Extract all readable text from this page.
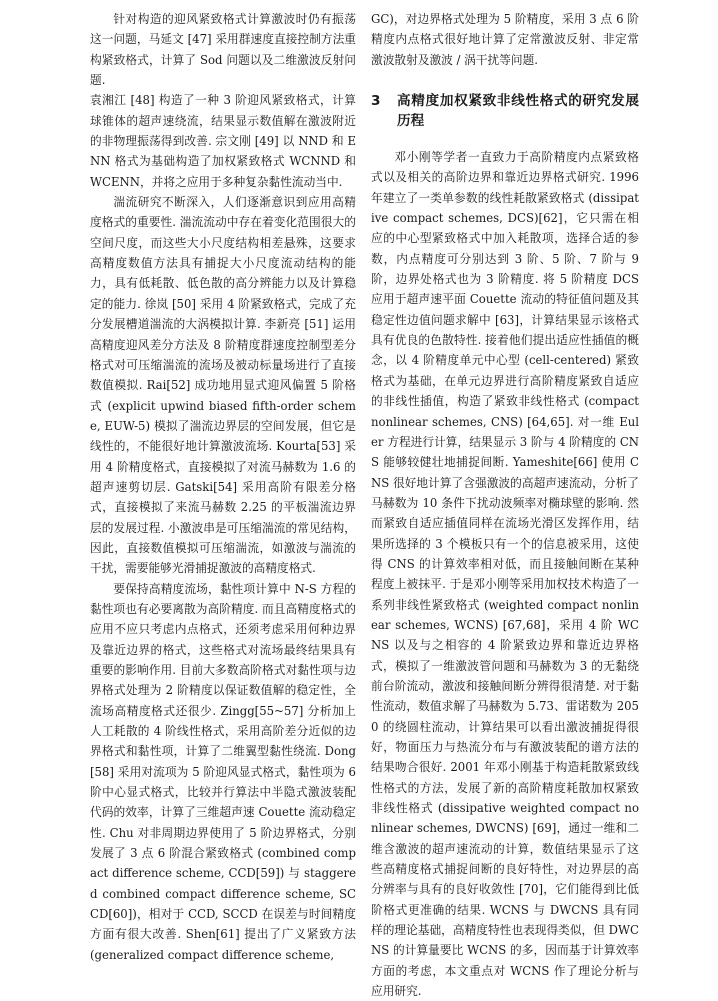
针对构造的迎风紧致格式计算激波时仍有振荡这一问题，马延文 [47] 采用群速度直接控制方法重构紧致格式，计算了 Sod 问题以及二维激波反射问题.

袁湘江 [48] 构造了一种 3 阶迎风紧致格式，计算球锥体的超声速绕流，结果显示数值解在激波附近的非物理振荡得到改善. 宗文刚 [49] 以 NND 和 ENN 格式为基础构造了加权紧致格式 WCNND 和 WCENN，并将之应用于多种复杂黏性流动当中.

湍流研究不断深入，人们逐渐意识到应用高精度格式的重要性. 湍流流动中存在着变化范围很大的空间尺度，而这些大小尺度结构相差悬殊，这要求高精度数值方法具有捕捉大小尺度流动结构的能力，具有低耗散、低色散的高分辨能力以及计算稳定的能力. 徐岚 [50] 采用 4 阶紧致格式，完成了充分发展槽道湍流的大涡模拟计算. 李新亮 [51] 运用高精度迎风差分方法及 8 阶精度群速度控制型差分格式对可压缩湍流的流场及被动标量场进行了直接数值模拟. Rai[52] 成功地用显式迎风偏置 5 阶格式 (explicit upwind biased fifth-order scheme, EUW-5) 模拟了湍流边界层的空间发展，但它是线性的，不能很好地计算激波流场. Kourta[53] 采用 4 阶精度格式，直接模拟了对流马赫数为 1.6 的超声速剪切层. Gatski[54] 采用高阶有限差分格式，直接模拟了来流马赫数 2.25 的平板湍流边界层的发展过程. 小激波串是可压缩湍流的常见结构，因此，直接数值模拟可压缩湍流，如激波与湍流的干扰，需要能够光滑捕捉激波的高精度格式.

要保持高精度流场，黏性项计算中 N-S 方程的黏性项也有必要离散为高阶精度. 而且高精度格式的应用不应只考虑内点格式，还须考虑采用何种边界及靠近边界的格式，这些格式对流场最终结果具有重要的影响作用. 目前大多数高阶格式对黏性项与边界格式处理为 2 阶精度以保证数值解的稳定性，全流场高精度格式还很少. Zingg[55~57] 分析加上人工耗散的 4 阶线性格式，采用高阶差分近似的边界格式和黏性项，计算了二维翼型黏性绕流. Dong[58] 采用对流项为 5 阶迎风显式格式，黏性项为 6 阶中心显式格式，比较并行算法中半隐式激波装配代码的效率，计算了三维超声速 Couette 流动稳定性. Chu 对非周期边界使用了 5 阶边界格式，分别发展了 3 点 6 阶混合紧致格式 (combined compact difference scheme, CCD[59]) 与 staggered combined compact difference scheme, SCCD[60])，相对于 CCD, SCCD 在误差与时间精度方面有很大改善. Shen[61] 提出了广义紧致方法 (generalized compact difference scheme,

GC)，对边界格式处理为 5 阶精度，采用 3 点 6 阶精度内点格式很好地计算了定常激波反射、非定常激波散射及激波 / 涡干扰等问题.

3	高精度加权紧致非线性格式的研究发展历程

邓小刚等学者一直致力于高阶精度内点紧致格式以及相关的高阶边界和靠近边界格式研究. 1996 年建立了一类单参数的线性耗散紧致格式 (dissipative compact schemes, DCS)[62]，它只需在相应的中心型紧致格式中加入耗散项，选择合适的参数，内点精度可分别达到 3 阶、5 阶、7 阶与 9 阶，边界处格式也为 3 阶精度. 将 5 阶精度 DCS 应用于超声速平面 Couette 流动的特征值问题及其稳定性边值问题求解中 [63]，计算结果显示该格式具有优良的色散特性. 接着他们提出适应性插值的概念，以 4 阶精度单元中心型 (cell-centered) 紧致格式为基础，在单元边界进行高阶精度紧致自适应的非线性插值，构造了紧致非线性格式 (compact nonlinear schemes, CNS) [64,65]. 对一维 Euler 方程进行计算，结果显示 3 阶与 4 阶精度的 CNS 能够较健壮地捕捉间断. Yameshite[66] 使用 CNS 很好地计算了含强激波的高超声速流动，分析了马赫数为 10 条件下扰动波频率对椭球壁的影响. 然而紧致自适应插值同样在流场光滑区发挥作用，结果所选择的 3 个模板只有一个的信息被采用，这使得 CNS 的计算效率相对低，而且接触间断在某种程度上被抹平. 于是邓小刚等采用加权技术构造了一系列非线性紧致格式 (weighted compact nonlinear schemes, WCNS) [67,68]，采用 4 阶 WCNS 以及与之相容的 4 阶紧致边界和靠近边界格式，模拟了一维激波管问题和马赫数为 3 的无黏绕前台阶流动，激波和接触间断分辨得很清楚. 对于黏性流动，数值求解了马赫数为 5.73、雷诺数为 2050 的绕圆柱流动，计算结果可以看出激波捕捉得很好，物面压力与热流分布与有激波装配的谱方法的结果吻合很好. 2001 年邓小刚基于构造耗散紧致线性格式的方法，发展了新的高阶精度耗散加权紧致非线性格式 (dissipative weighted compact nonlinear schemes, DWCNS) [69]，通过一维和二维含激波的超声速流动的计算，数值结果显示了这些高精度格式捕捉间断的良好特性，对边界层的高分辨率与具有的良好收敛性 [70]，它们能得到比低阶格式更准确的结果. WCNS 与 DWCNS 具有同样的理论基础，高精度特性也表现得类似，但 DWCNS 的计算量要比 WCNS 的多，因而基于计算效率方面的考虑，本文重点对 WCNS 作了理论分析与应用研究.
